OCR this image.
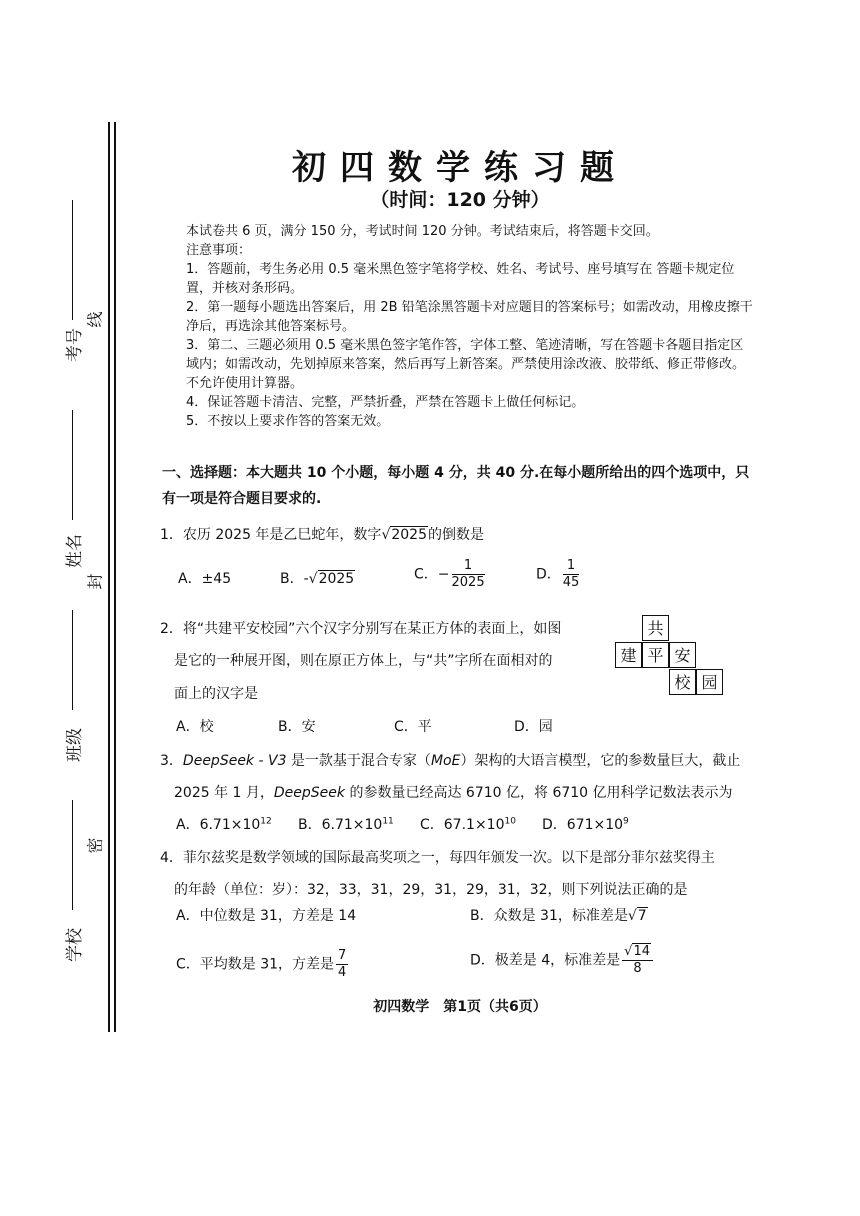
考号
姓名
班级
学校
线
封
密
初四数学练习题
（时间：120 分钟）

本试卷共 6 页，满分 150 分，考试时间 120 分钟。考试结束后，将答题卡交回。

注意事项：

1．答题前，考生务必用 0.5 毫米黑色签字笔将学校、姓名、考试号、座号填写在 答题卡规定位置，并核对条形码。

2．第一题每小题选出答案后，用 2B 铅笔涂黑答题卡对应题目的答案标号；如需改动，用橡皮擦干净后，再选涂其他答案标号。

3．第二、三题必须用 0.5 毫米黑色签字笔作答，字体工整、笔迹清晰，写在答题卡各题目指定区域内；如需改动，先划掉原来答案，然后再写上新答案。严禁使用涂改液、胶带纸、修正带修改。不允许使用计算器。

4．保证答题卡清洁、完整，严禁折叠，严禁在答题卡上做任何标记。

5．不按以上要求作答的答案无效。

一、选择题：本大题共 10 个小题，每小题 4 分，共 40 分.在每小题所给出的四个选项中，只有一项是符合题目要求的.
1．农历 2025 年是乙巳蛇年，数字√2025的倒数是
A．±45	B．-√2025	C．− $\frac{1}{2025}$	D． $\frac{1}{45}$
2．将“共建平安校园”六个汉字分别写在某正方体的表面上，如图
是它的一种展开图，则在原正方体上，与“共”字所在面相对的
面上的汉字是
共
建 平 安
校 园
A．校	B．安	C．平	D．园
3．DeepSeek - V3 是一款基于混合专家（MoE）架构的大语言模型，它的参数量巨大，截止
2025 年 1 月，DeepSeek 的参数量已经高达 6710 亿，将 6710 亿用科学记数法表示为
A．$6.71\times 10^{12}$ B．$6.71\times 10^{11}$ C．$67.1\times 10^{10}$ D．$671\times 10^9$
4．菲尔兹奖是数学领域的国际最高奖项之一，每四年颁发一次。以下是部分菲尔兹奖得主
的年龄（单位：岁）：32，33，31，29，31，29，31，32，则下列说法正确的是
A．中位数是 31，方差是 14	B．众数是 31，标准差是√7
C．平均数是 31，方差是 $\frac{7}{4}$	D．极差是 4，标准差是 $\frac{√14}{8}$
初四数学　第1页（共6页）
